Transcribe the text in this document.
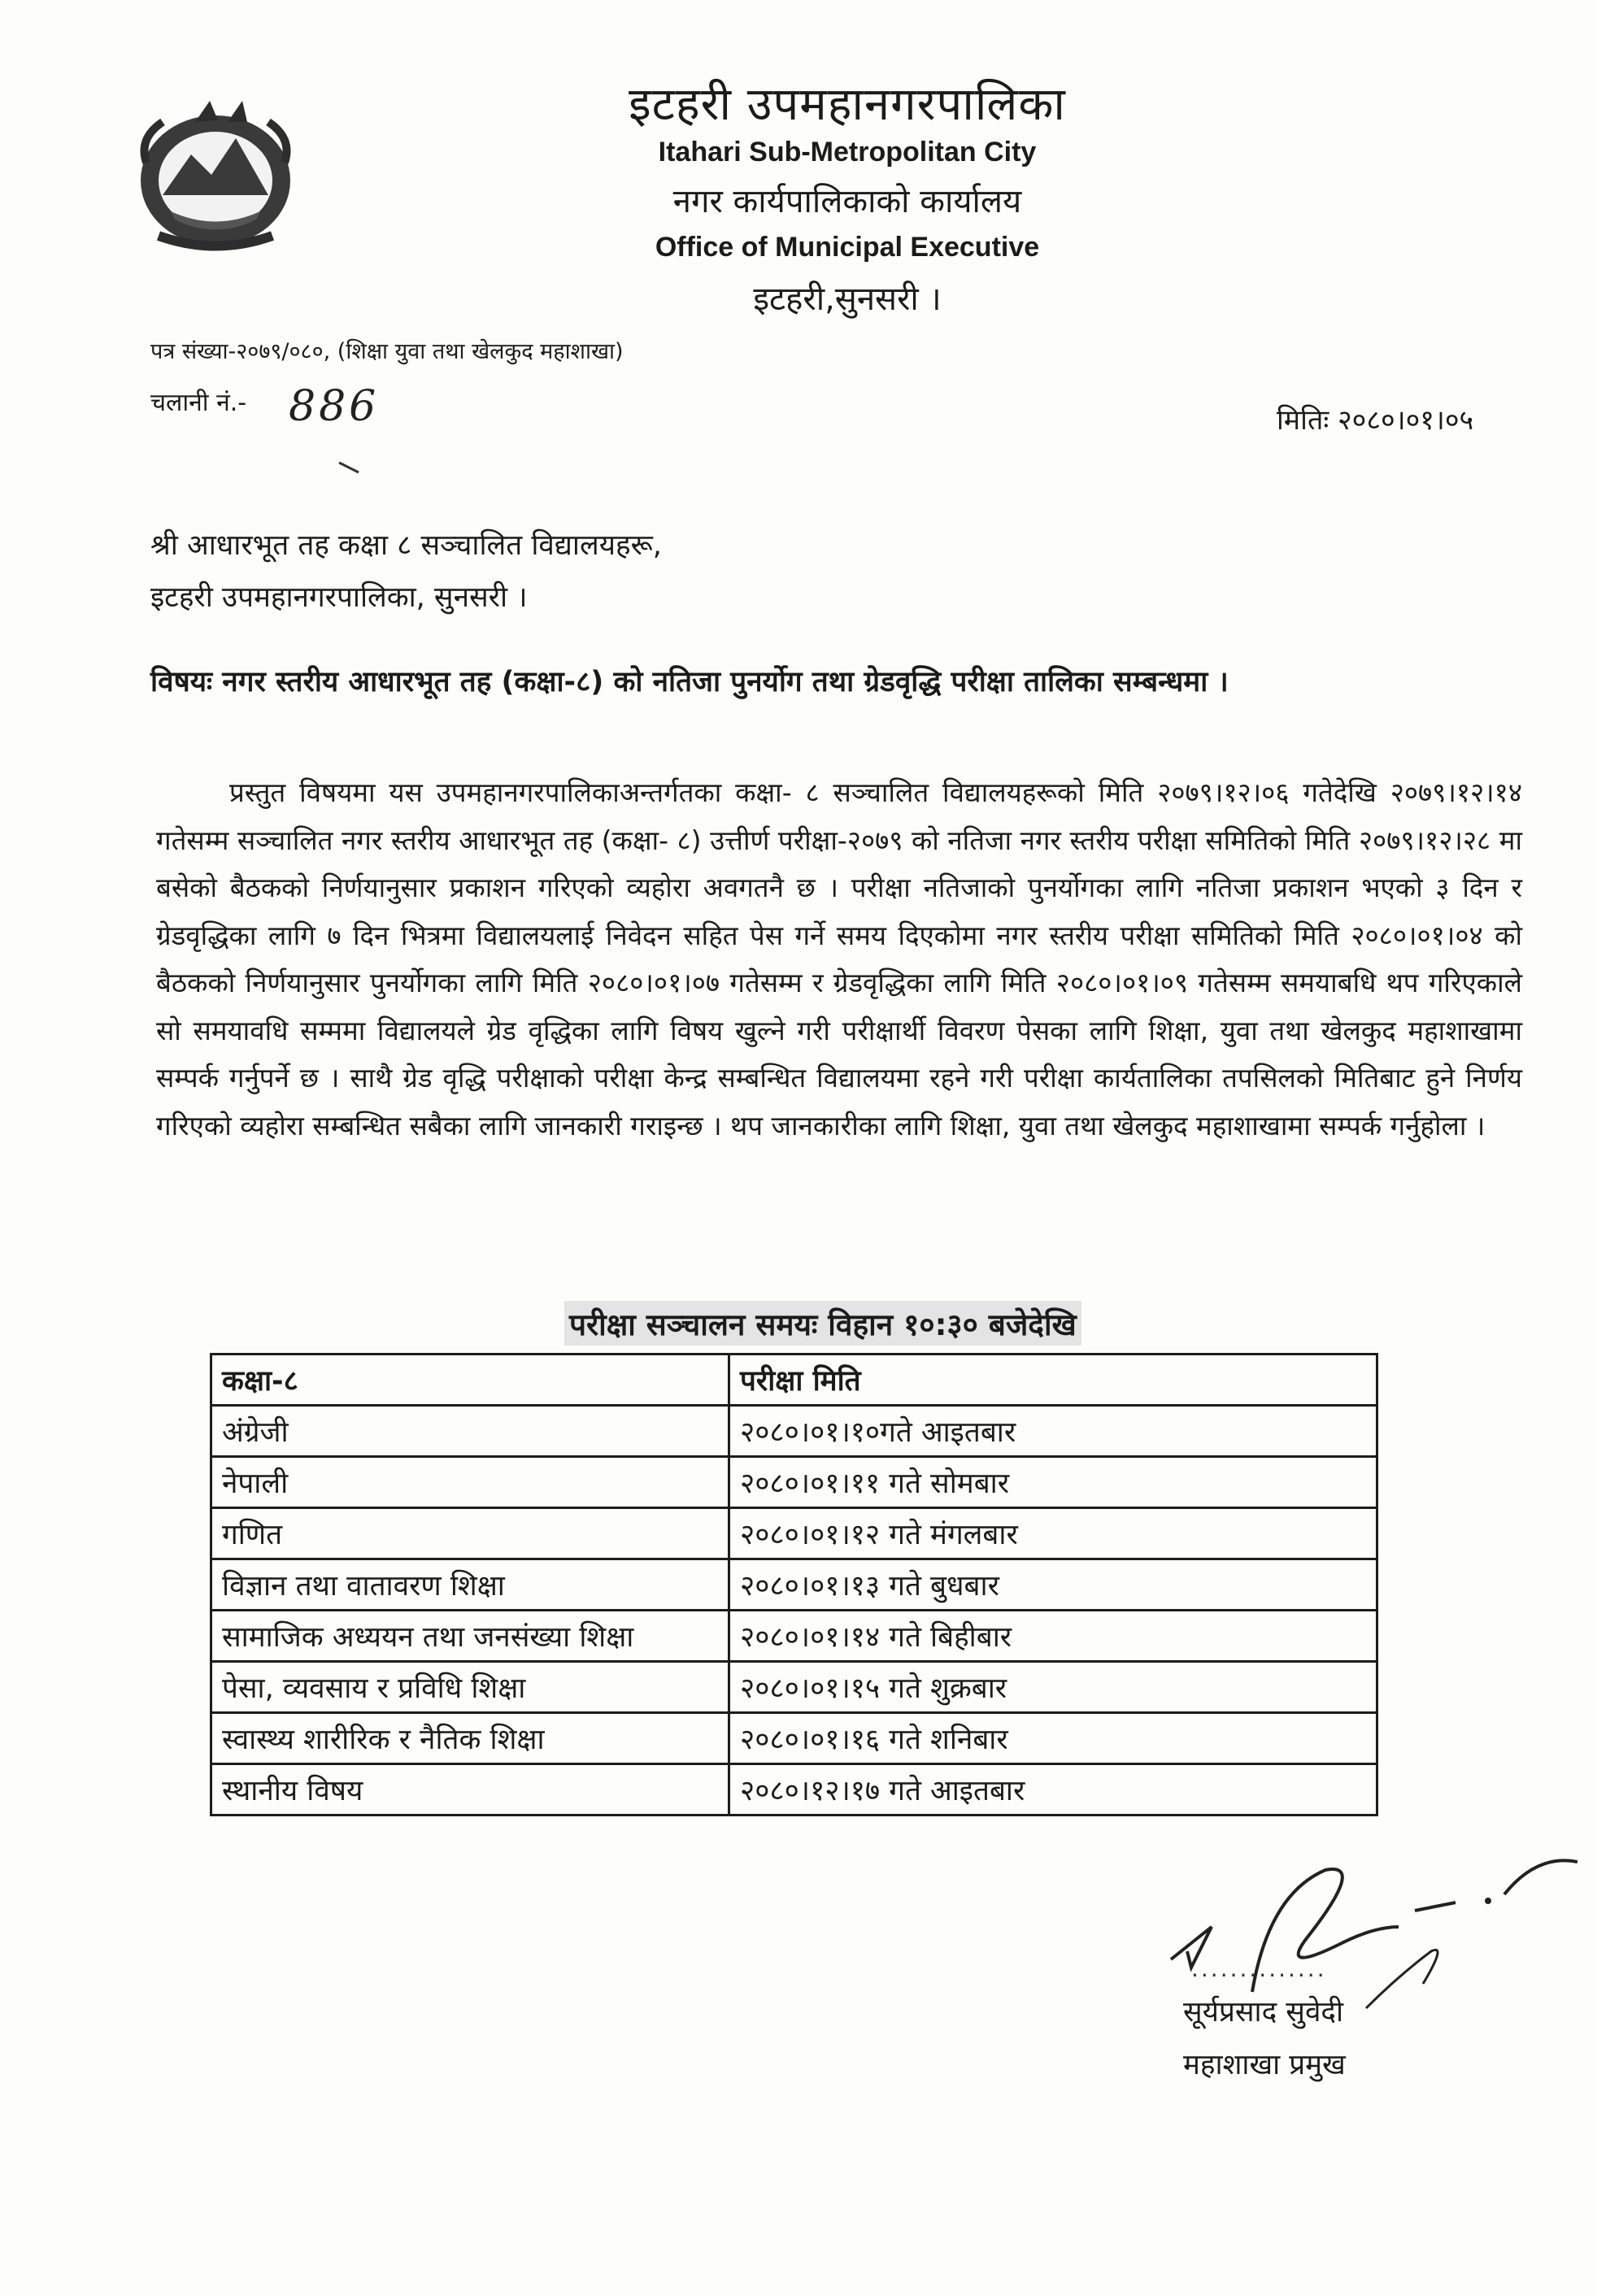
इटहरी उपमहानगरपालिका
Itahari Sub-Metropolitan City
नगर कार्यपालिकाको कार्यालय
Office of Municipal Executive
इटहरी,सुनसरी ।
पत्र संख्या-२०७९/०८०, (शिक्षा युवा तथा खेलकुद महाशाखा)
चलानी नं.- 886	मितिः २०८०।०१।०५
श्री आधारभूत तह कक्षा ८ सञ्चालित विद्यालयहरू,
इटहरी उपमहानगरपालिका, सुनसरी ।
विषयः नगर स्तरीय आधारभूत तह (कक्षा-८) को नतिजा पुनर्योग तथा ग्रेडवृद्धि परीक्षा तालिका सम्बन्धमा ।

प्रस्तुत विषयमा यस उपमहानगरपालिकाअन्तर्गतका कक्षा- ८ सञ्चालित विद्यालयहरूको मिति २०७९।१२।०६ गतेदेखि २०७९।१२।१४ गतेसम्म सञ्चालित नगर स्तरीय आधारभूत तह (कक्षा- ८) उत्तीर्ण परीक्षा-२०७९ को नतिजा नगर स्तरीय परीक्षा समितिको मिति २०७९।१२।२८ मा बसेको बैठकको निर्णयानुसार प्रकाशन गरिएको व्यहोरा अवगतनै छ । परीक्षा नतिजाको पुनर्योगका लागि नतिजा प्रकाशन भएको ३ दिन र ग्रेडवृद्धिका लागि ७ दिन भित्रमा विद्यालयलाई निवेदन सहित पेस गर्ने समय दिएकोमा नगर स्तरीय परीक्षा समितिको मिति २०८०।०१।०४ को बैठकको निर्णयानुसार पुनर्योगका लागि मिति २०८०।०१।०७ गतेसम्म र ग्रेडवृद्धिका लागि मिति २०८०।०१।०९ गतेसम्म समयाबधि थप गरिएकाले सो समयावधि सम्ममा विद्यालयले ग्रेड वृद्धिका लागि विषय खुल्ने गरी परीक्षार्थी विवरण पेसका लागि शिक्षा, युवा तथा खेलकुद महाशाखामा सम्पर्क गर्नुपर्ने छ । साथै ग्रेड वृद्धि परीक्षाको परीक्षा केन्द्र सम्बन्धित विद्यालयमा रहने गरी परीक्षा कार्यतालिका तपसिलको मितिबाट हुने निर्णय गरिएको व्यहोरा सम्बन्धित सबैका लागि जानकारी गराइन्छ । थप जानकारीका लागि शिक्षा, युवा तथा खेलकुद महाशाखामा सम्पर्क गर्नुहोला ।

परीक्षा सञ्चालन समयः विहान १०:३० बजेदेखि
कक्षा-८	परीक्षा मिति
अंग्रेजी	२०८०।०१।१०गते आइतबार
नेपाली	२०८०।०१।११ गते सोमबार
गणित	२०८०।०१।१२ गते मंगलबार
विज्ञान तथा वातावरण शिक्षा	२०८०।०१।१३ गते बुधबार
सामाजिक अध्ययन तथा जनसंख्या शिक्षा	२०८०।०१।१४ गते बिहीबार
पेसा, व्यवसाय र प्रविधि शिक्षा	२०८०।०१।१५ गते शुक्रबार
स्वास्थ्य शारीरिक र नैतिक शिक्षा	२०८०।०१।१६ गते शनिबार
स्थानीय विषय	२०८०।१२।१७ गते आइतबार
..............
सूर्यप्रसाद सुवेदी
महाशाखा प्रमुख
